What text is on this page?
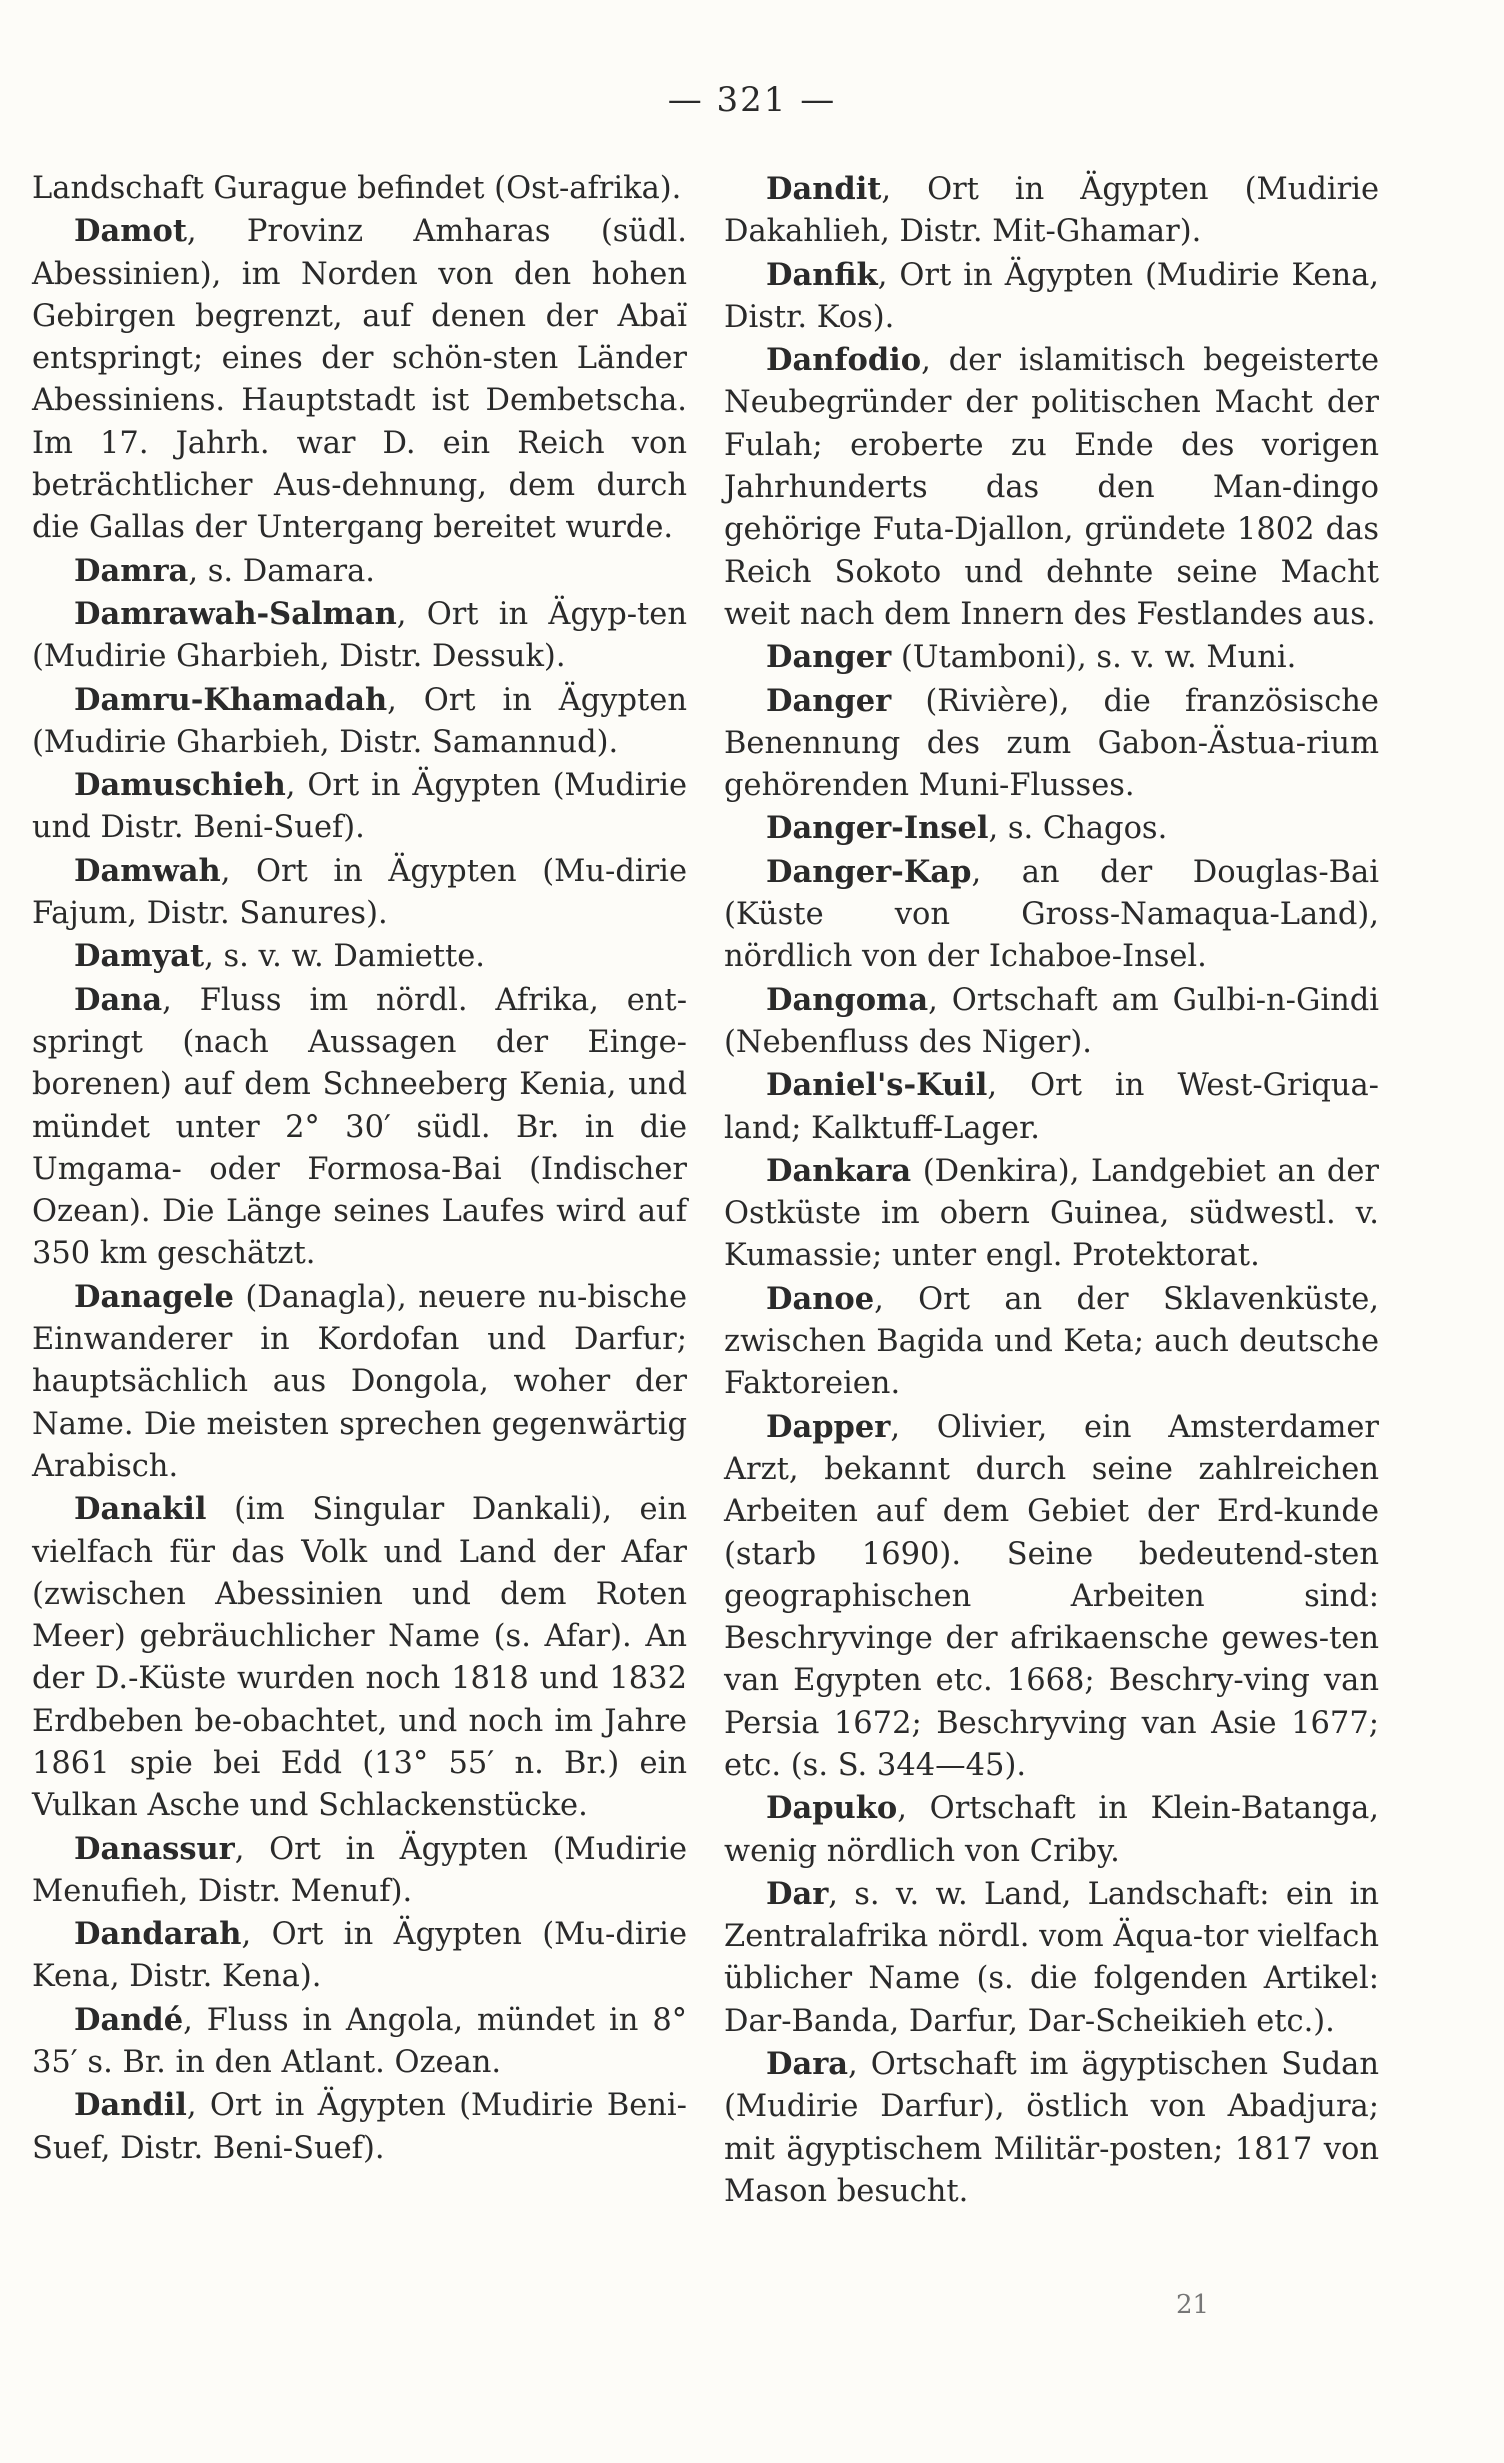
— 321 —

Landschaft Gurague befindet (Ost-afrika).

Damot, Provinz Amharas (südl. Abessinien), im Norden von den hohen Gebirgen begrenzt, auf denen der Abaï entspringt; eines der schön-sten Länder Abessiniens. Hauptstadt ist Dembetscha. Im 17. Jahrh. war D. ein Reich von beträchtlicher Aus-dehnung, dem durch die Gallas der Untergang bereitet wurde.

Damra, s. Damara.

Damrawah-Salman, Ort in Ägyp-ten (Mudirie Gharbieh, Distr. Dessuk).

Damru-Khamadah, Ort in Ägypten (Mudirie Gharbieh, Distr. Samannud).

Damuschieh, Ort in Ägypten (Mudirie und Distr. Beni-Suef).

Damwah, Ort in Ägypten (Mu-dirie Fajum, Distr. Sanures).

Damyat, s. v. w. Damiette.

Dana, Fluss im nördl. Afrika, ent-springt (nach Aussagen der Einge-borenen) auf dem Schneeberg Kenia, und mündet unter 2° 30′ südl. Br. in die Umgama- oder Formosa-Bai (Indischer Ozean). Die Länge seines Laufes wird auf 350 km geschätzt.

Danagele (Danagla), neuere nu-bische Einwanderer in Kordofan und Darfur; hauptsächlich aus Dongola, woher der Name. Die meisten sprechen gegenwärtig Arabisch.

Danakil (im Singular Dankali), ein vielfach für das Volk und Land der Afar (zwischen Abessinien und dem Roten Meer) gebräuchlicher Name (s. Afar). An der D.-Küste wurden noch 1818 und 1832 Erdbeben be-obachtet, und noch im Jahre 1861 spie bei Edd (13° 55′ n. Br.) ein Vulkan Asche und Schlackenstücke.

Danassur, Ort in Ägypten (Mudirie Menufieh, Distr. Menuf).

Dandarah, Ort in Ägypten (Mu-dirie Kena, Distr. Kena).

Dandé, Fluss in Angola, mündet in 8° 35′ s. Br. in den Atlant. Ozean.

Dandil, Ort in Ägypten (Mudirie Beni-Suef, Distr. Beni-Suef).

Dandit, Ort in Ägypten (Mudirie Dakahlieh, Distr. Mit-Ghamar).

Danfik, Ort in Ägypten (Mudirie Kena, Distr. Kos).

Danfodio, der islamitisch begeisterte Neubegründer der politischen Macht der Fulah; eroberte zu Ende des vorigen Jahrhunderts das den Man-dingo gehörige Futa-Djallon, gründete 1802 das Reich Sokoto und dehnte seine Macht weit nach dem Innern des Festlandes aus.

Danger (Utamboni), s. v. w. Muni.

Danger (Rivière), die französische Benennung des zum Gabon-Ästua-rium gehörenden Muni-Flusses.

Danger-Insel, s. Chagos.

Danger-Kap, an der Douglas-Bai (Küste von Gross-Namaqua-Land), nördlich von der Ichaboe-Insel.

Dangoma, Ortschaft am Gulbi-n-Gindi (Nebenfluss des Niger).

Daniel's-Kuil, Ort in West-Griqua-land; Kalktuff-Lager.

Dankara (Denkira), Landgebiet an der Ostküste im obern Guinea, südwestl. v. Kumassie; unter engl. Protektorat.

Danoe, Ort an der Sklavenküste, zwischen Bagida und Keta; auch deutsche Faktoreien.

Dapper, Olivier, ein Amsterdamer Arzt, bekannt durch seine zahlreichen Arbeiten auf dem Gebiet der Erd-kunde (starb 1690). Seine bedeutend-sten geographischen Arbeiten sind: Beschryvinge der afrikaensche gewes-ten van Egypten etc. 1668; Beschry-ving van Persia 1672; Beschryving van Asie 1677; etc. (s. S. 344—45).

Dapuko, Ortschaft in Klein-Batanga, wenig nördlich von Criby.

Dar, s. v. w. Land, Landschaft: ein in Zentralafrika nördl. vom Äqua-tor vielfach üblicher Name (s. die folgenden Artikel: Dar-Banda, Darfur, Dar-Scheikieh etc.).

Dara, Ortschaft im ägyptischen Sudan (Mudirie Darfur), östlich von Abadjura; mit ägyptischem Militär-posten; 1817 von Mason besucht.

21
